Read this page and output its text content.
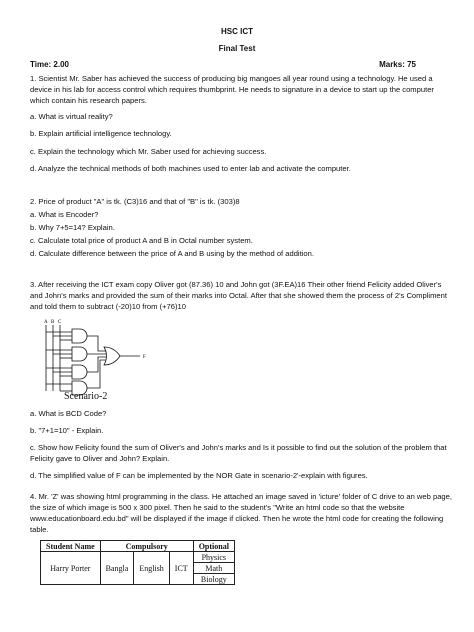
HSC ICT
Final Test
Time: 2.00	Marks: 75
1. Scientist Mr. Saber has achieved the success of producing big mangoes all year round using a technology. He used a device in his lab for access control which requires thumbprint. He needs to signature in a device to start up the computer which contain his research papers.
a. What is virtual reality?
b. Explain artificial intelligence technology.
c. Explain the technology which Mr. Saber used for achieving success.
d. Analyze the technical methods of both machines used to enter lab and activate the computer.
2. Price of product "A" is tk. (C3)16 and that of "B" is tk. (303)8
a. What is Encoder?
b. Why 7+5=14? Explain.
c. Calculate total price of product A and B in Octal number system.
d. Calculate difference between the price of A and B using by the method of addition.
3. After receiving the ICT exam copy Oliver got (87.36) 10 and John got (3F.EA)16 Their other friend Felicity added Oliver's and John's marks and provided the sum of their marks into Octal. After that she showed them the process of 2's Compliment and told them to subtract (-20)10 from (+76)10
A B C
F
Scenario-2
a. What is BCD Code?
b. "7+1=10" - Explain.
c. Show how Felicity found the sum of Oliver's and John's marks and Is it possible to find out the solution of the problem that Felicity gave to Oliver and John? Explain.
d. The simplified value of F can be implemented by the NOR Gate in scenario-2'-explain with figures.
4. Mr. 'Z' was showing html programming in the class. He attached an image saved in 'icture' folder of C drive to an web page, the size of which image is 500 x 300 pixel. Then he said to the student's "Write an html code so that the website www.educationboard.edu.bd" will be displayed if the image if clicked. Then he wrote the html code for creating the following table.
Student Name	Compulsory			Optional
Harry Porter	Bangla	English	ICT	Physics
				Math
				Biology
